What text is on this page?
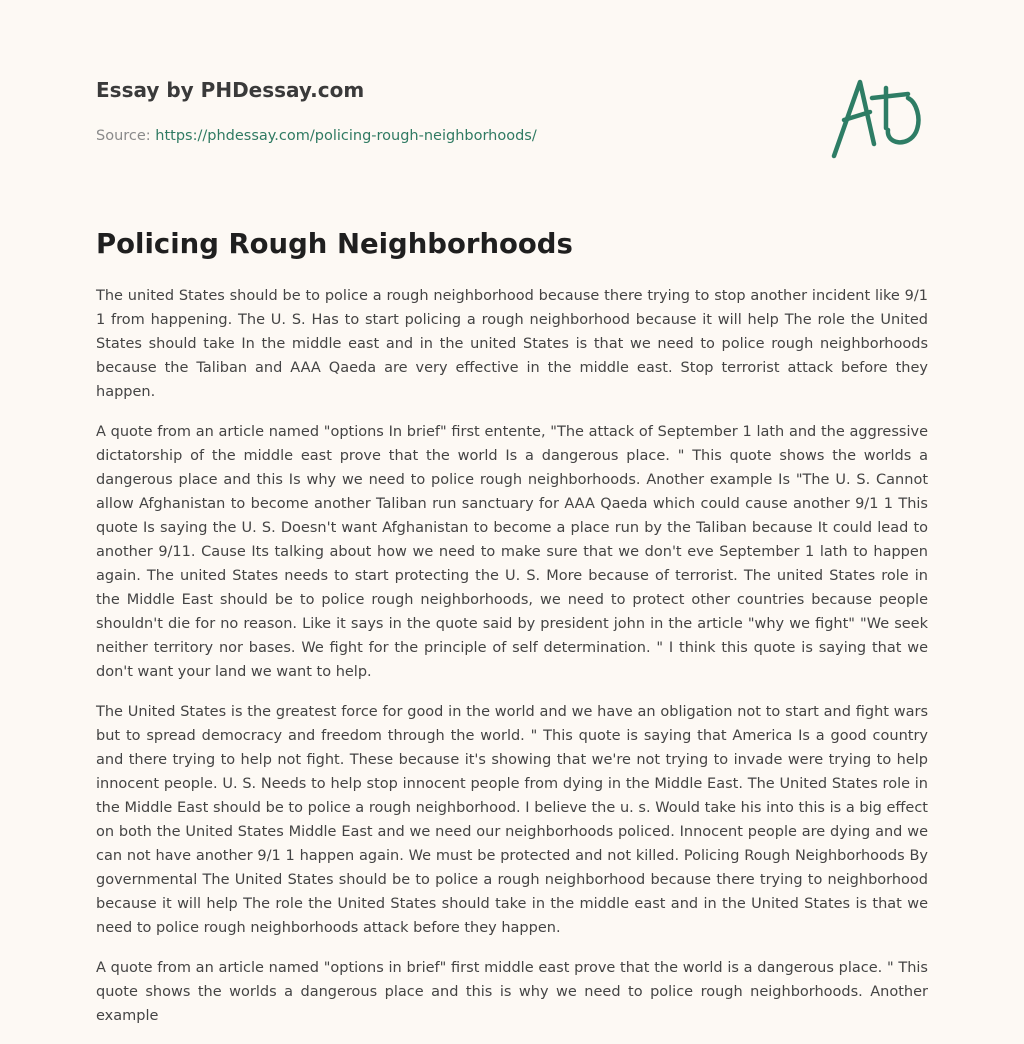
Essay by PHDessay.com
Source: https://phdessay.com/policing-rough-neighborhoods/
Policing Rough Neighborhoods

The united States should be to police a rough neighborhood because there trying to stop another incident like 9/1 1 from happening. The U. S. Has to start policing a rough neighborhood because it will help The role the United States should take In the middle east and in the united States is that we need to police rough neighborhoods because the Taliban and AAA Qaeda are very effective in the middle east. Stop terrorist attack before they happen.

A quote from an article named "options In brief" first entente, "The attack of September 1 lath and the aggressive dictatorship of the middle east prove that the world Is a dangerous place. " This quote shows the worlds a dangerous place and this Is why we need to police rough neighborhoods. Another example Is "The U. S. Cannot allow Afghanistan to become another Taliban run sanctuary for AAA Qaeda which could cause another 9/1 1 This quote Is saying the U. S. Doesn't want Afghanistan to become a place run by the Taliban because It could lead to another 9/11. Cause Its talking about how we need to make sure that we don't eve September 1 lath to happen again. The united States needs to start protecting the U. S. More because of terrorist. The united States role in the Middle East should be to police rough neighborhoods, we need to protect other countries because people shouldn't die for no reason. Like it says in the quote said by president john in the article "why we fight" "We seek neither territory nor bases. We fight for the principle of self determination. " I think this quote is saying that we don't want your land we want to help.

The United States is the greatest force for good in the world and we have an obligation not to start and fight wars but to spread democracy and freedom through the world. " This quote is saying that America Is a good country and there trying to help not fight. These because it's showing that we're not trying to invade were trying to help innocent people. U. S. Needs to help stop innocent people from dying in the Middle East. The United States role in the Middle East should be to police a rough neighborhood. I believe the u. s. Would take his into this is a big effect on both the United States Middle East and we need our neighborhoods policed. Innocent people are dying and we can not have another 9/1 1 happen again. We must be protected and not killed. Policing Rough Neighborhoods By governmental The United States should be to police a rough neighborhood because there trying to neighborhood because it will help The role the United States should take in the middle east and in the United States is that we need to police rough neighborhoods attack before they happen.

A quote from an article named "options in brief" first middle east prove that the world is a dangerous place. " This quote shows the worlds a dangerous place and this is why we need to police rough neighborhoods. Another example
